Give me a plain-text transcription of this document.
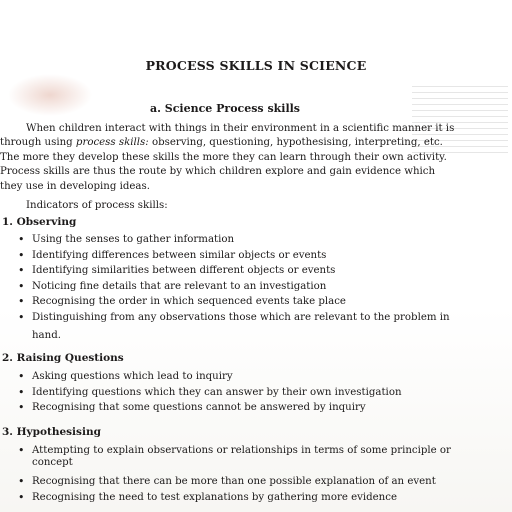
PROCESS SKILLS IN SCIENCE
a. Science Process skills
When children interact with things in their environment in a scientific manner it is
through using process skills: observing, questioning, hypothesising, interpreting, etc.
The more they develop these skills the more they can learn through their own activity.
Process skills are thus the route by which children explore and gain evidence which
they use in developing ideas.
Indicators of process skills:
1. Observing
• Using the senses to gather information
• Identifying differences between similar objects or events
• Identifying similarities between different objects or events
• Noticing fine details that are relevant to an investigation
• Recognising the order in which sequenced events take place
• Distinguishing from any observations those which are relevant to the problem in
hand.
2. Raising Questions
• Asking questions which lead to inquiry
• Identifying questions which they can answer by their own investigation
• Recognising that some questions cannot be answered by inquiry
3. Hypothesising
• Attempting to explain observations or relationships in terms of some principle or
concept
• Recognising that there can be more than one possible explanation of an event
• Recognising the need to test explanations by gathering more evidence
